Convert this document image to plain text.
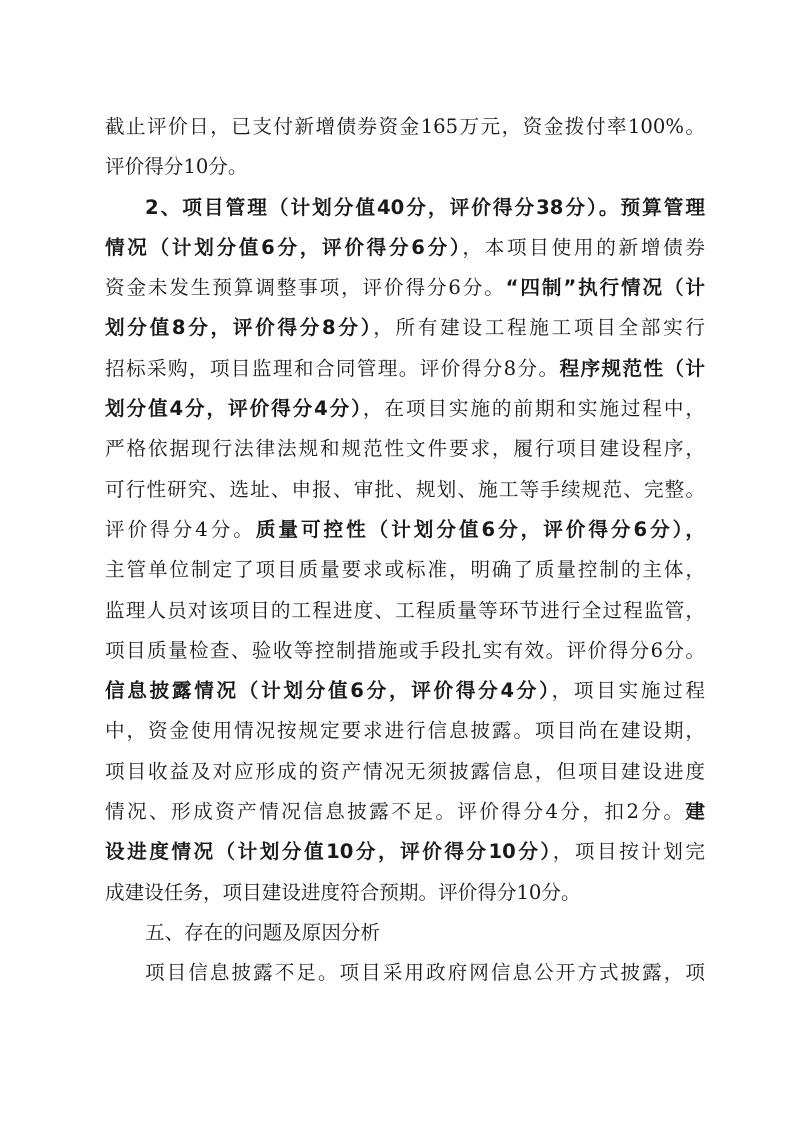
截止评价日，已支付新增债券资金165万元，资金拨付率100%。
评价得分10分。
2、项目管理（计划分值40分，评价得分38分）。预算管理
情况（计划分值6分，评价得分6分），本项目使用的新增债券
资金未发生预算调整事项，评价得分6分。“四制”执行情况（计
划分值8分，评价得分8分），所有建设工程施工项目全部实行
招标采购，项目监理和合同管理。评价得分8分。程序规范性（计
划分值4分，评价得分4分），在项目实施的前期和实施过程中，
严格依据现行法律法规和规范性文件要求，履行项目建设程序，
可行性研究、选址、申报、审批、规划、施工等手续规范、完整。
评价得分4分。质量可控性（计划分值6分，评价得分6分），
主管单位制定了项目质量要求或标准，明确了质量控制的主体，
监理人员对该项目的工程进度、工程质量等环节进行全过程监管，
项目质量检查、验收等控制措施或手段扎实有效。评价得分6分。
信息披露情况（计划分值6分，评价得分4分），项目实施过程
中，资金使用情况按规定要求进行信息披露。项目尚在建设期，
项目收益及对应形成的资产情况无须披露信息，但项目建设进度
情况、形成资产情况信息披露不足。评价得分4分，扣2分。建
设进度情况（计划分值10分，评价得分10分），项目按计划完
成建设任务，项目建设进度符合预期。评价得分10分。
五、存在的问题及原因分析
项目信息披露不足。项目采用政府网信息公开方式披露，项
